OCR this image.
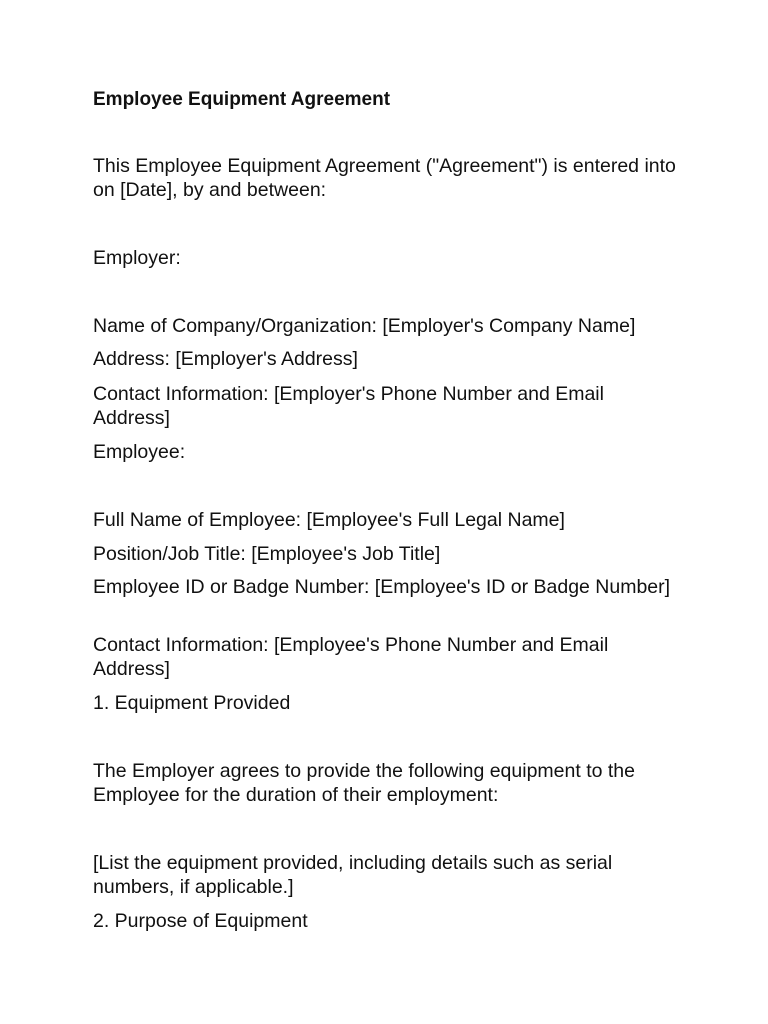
Employee Equipment Agreement

This Employee Equipment Agreement ("Agreement") is entered into on [Date], by and between:

Employer:

Name of Company/Organization: [Employer's Company Name]

Address: [Employer's Address]

Contact Information: [Employer's Phone Number and Email Address]

Employee:

Full Name of Employee: [Employee's Full Legal Name]

Position/Job Title: [Employee's Job Title]

Employee ID or Badge Number: [Employee's ID or Badge Number]

Contact Information: [Employee's Phone Number and Email Address]

1. Equipment Provided

The Employer agrees to provide the following equipment to the Employee for the duration of their employment:

[List the equipment provided, including details such as serial numbers, if applicable.]

2. Purpose of Equipment
